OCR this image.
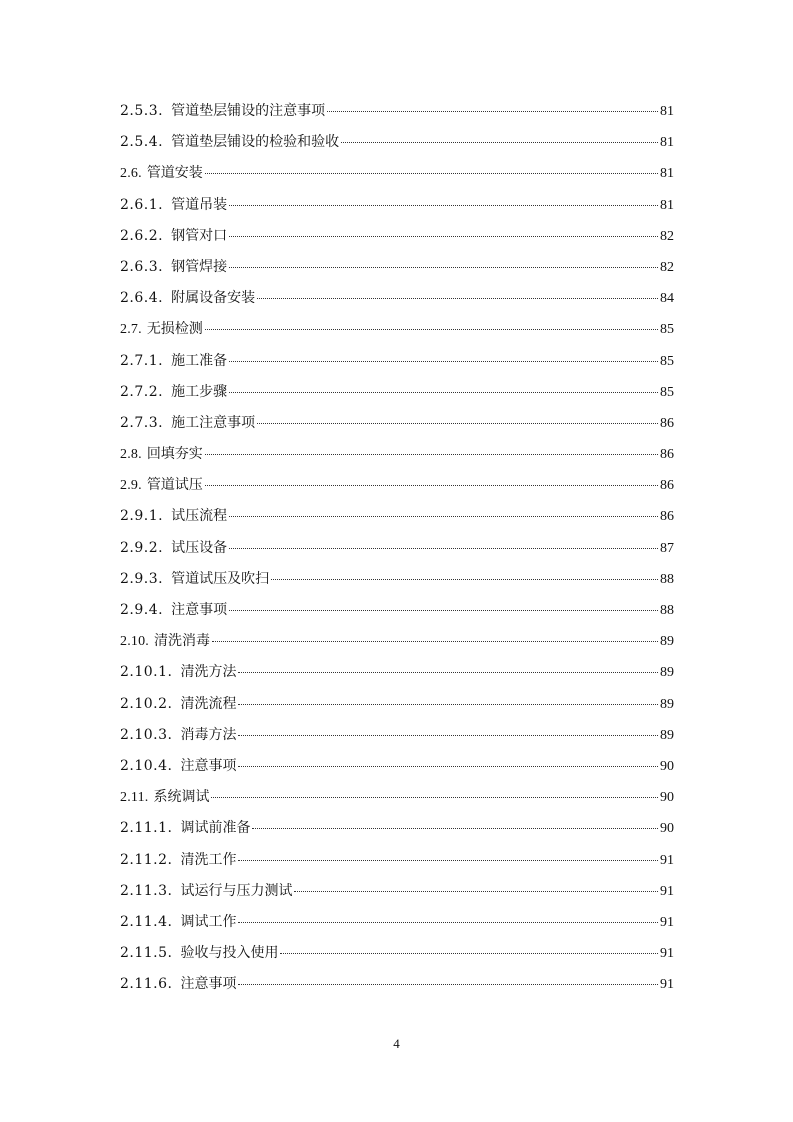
2.5.3. 管道垫层铺设的注意事项	81
2.5.4. 管道垫层铺设的检验和验收	81
2.6. 管道安装	81
2.6.1. 管道吊装	81
2.6.2. 钢管对口	82
2.6.3. 钢管焊接	82
2.6.4. 附属设备安装	84
2.7. 无损检测	85
2.7.1. 施工准备	85
2.7.2. 施工步骤	85
2.7.3. 施工注意事项	86
2.8. 回填夯实	86
2.9. 管道试压	86
2.9.1. 试压流程	86
2.9.2. 试压设备	87
2.9.3. 管道试压及吹扫	88
2.9.4. 注意事项	88
2.10. 清洗消毒	89
2.10.1. 清洗方法	89
2.10.2. 清洗流程	89
2.10.3. 消毒方法	89
2.10.4. 注意事项	90
2.11. 系统调试	90
2.11.1. 调试前准备	90
2.11.2. 清洗工作	91
2.11.3. 试运行与压力测试	91
2.11.4. 调试工作	91
2.11.5. 验收与投入使用	91
2.11.6. 注意事项	91
4
